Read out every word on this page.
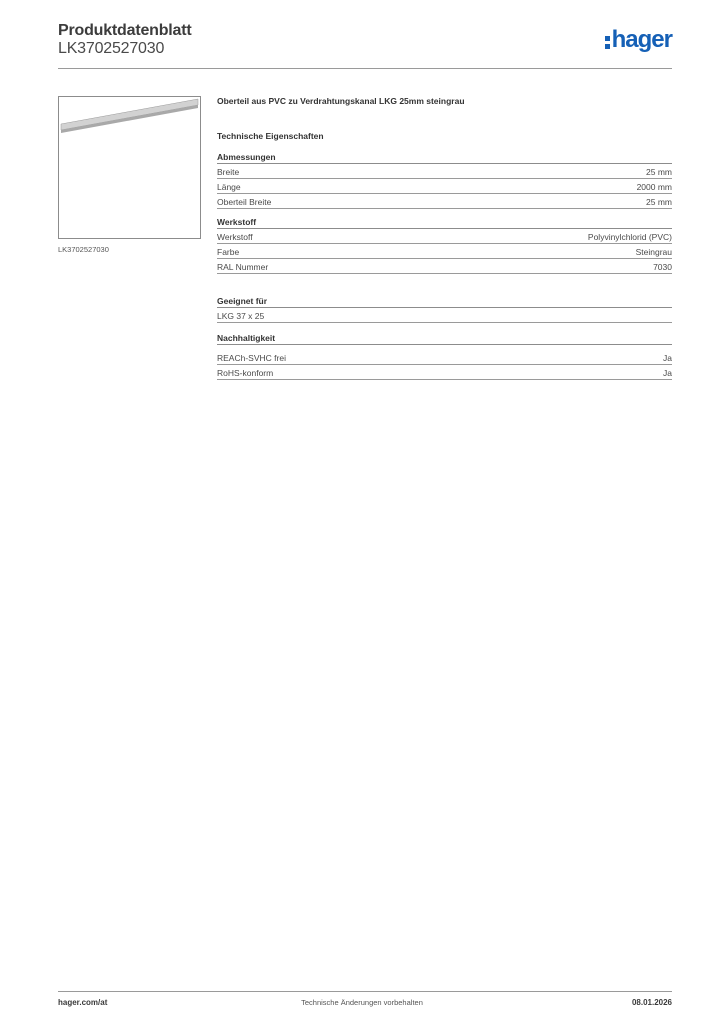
Produktdatenblatt
LK3702527030	hager
LK3702527030
Oberteil aus PVC zu Verdrahtungskanal LKG 25mm steingrau
Technische Eigenschaften
Abmessungen
Breite	25 mm
Länge	2000 mm
Oberteil Breite	25 mm
Werkstoff
Werkstoff	Polyvinylchlorid (PVC)
Farbe	Steingrau
RAL Nummer	7030
Geeignet für
LKG 37 x 25
Nachhaltigkeit
REACh-SVHC frei	Ja
RoHS-konform	Ja
hager.com/at	Technische Änderungen vorbehalten	08.01.2026
